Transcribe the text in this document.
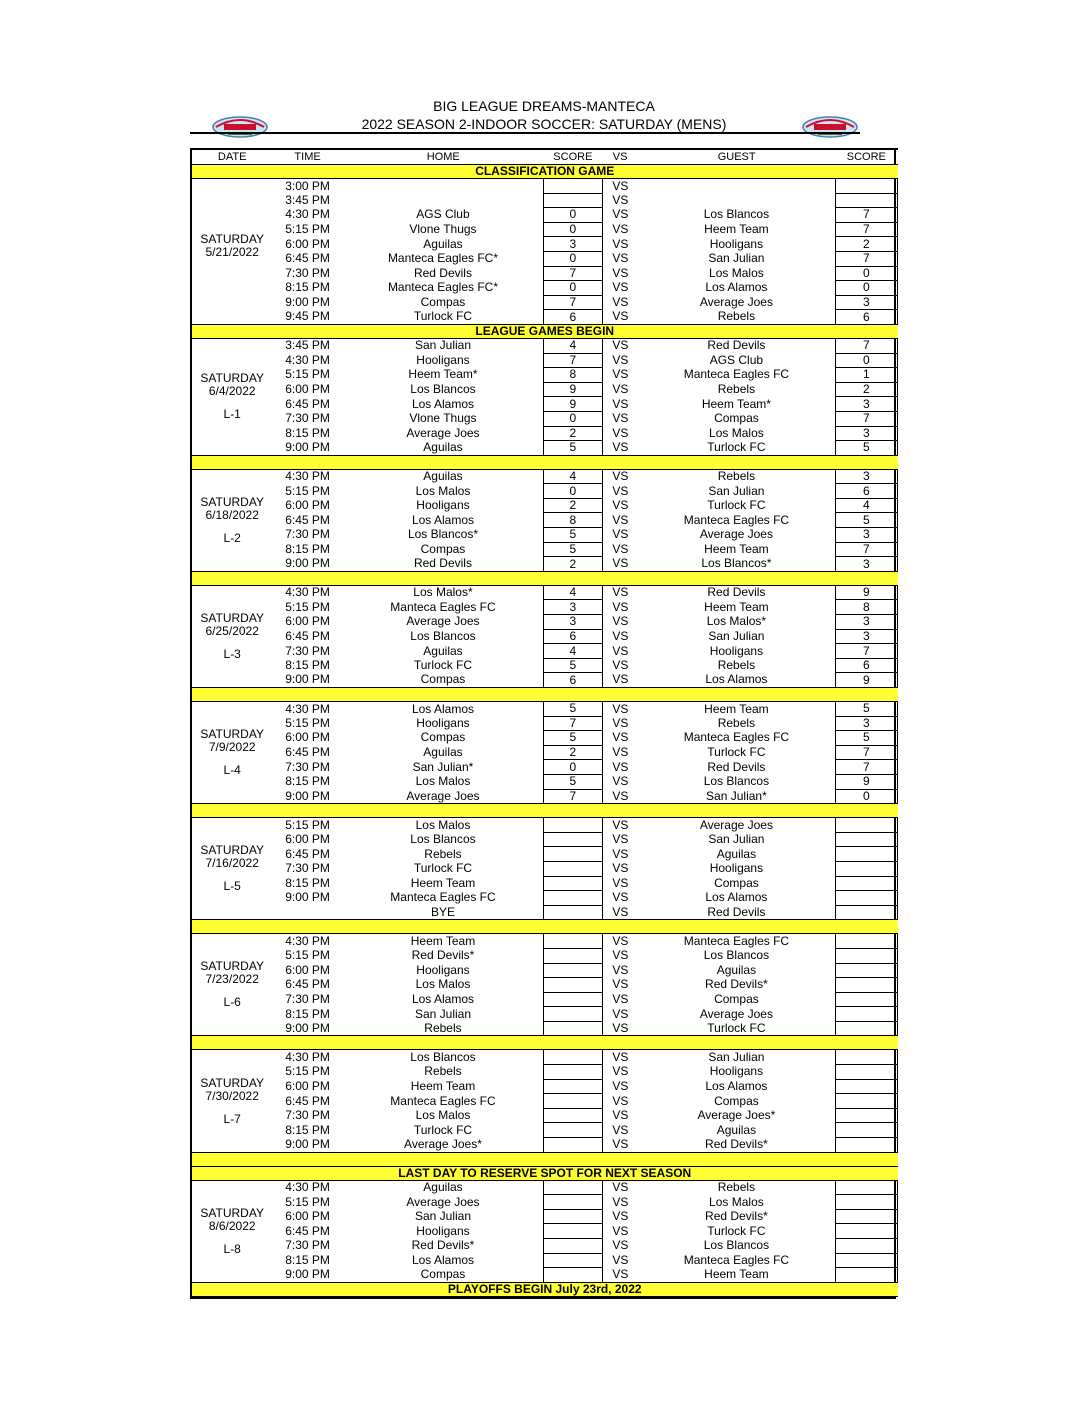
BIG LEAGUE DREAMS-MANTECA
2022 SEASON 2-INDOOR SOCCER: SATURDAY (MENS)
DATE	TIME	HOME	SCORE	VS	GUEST	SCORE
CLASSIFICATION GAME						

SATURDAY
5/21/2022	3:00 PM			VS		
	3:45 PM			VS		
	4:30 PM	AGS Club	0	VS	Los Blancos	7
	5:15 PM	Vlone Thugs	0	VS	Heem Team	7
	6:00 PM	Aguilas	3	VS	Hooligans	2
	6:45 PM	Manteca Eagles FC*	0	VS	San Julian	7
	7:30 PM	Red Devils	7	VS	Los Malos	0
	8:15 PM	Manteca Eagles FC*	0	VS	Los Alamos	0
	9:00 PM	Compas	7	VS	Average Joes	3
	9:45 PM	Turlock FC	6	VS	Rebels	6
LEAGUE GAMES BEGIN						

SATURDAY
6/4/2022
L-1	3:45 PM	San Julian	4	VS	Red Devils	7
	4:30 PM	Hooligans	7	VS	AGS Club	0
	5:15 PM	Heem Team*	8	VS	Manteca Eagles FC	1
	6:00 PM	Los Blancos	9	VS	Rebels	2
	6:45 PM	Los Alamos	9	VS	Heem Team*	3
	7:30 PM	Vlone Thugs	0	VS	Compas	7
	8:15 PM	Average Joes	2	VS	Los Malos	3
	9:00 PM	Aguilas	5	VS	Turlock FC	5

SATURDAY
6/18/2022
L-2	4:30 PM	Aguilas	4	VS	Rebels	3
	5:15 PM	Los Malos	0	VS	San Julian	6
	6:00 PM	Hooligans	2	VS	Turlock FC	4
	6:45 PM	Los Alamos	8	VS	Manteca Eagles FC	5
	7:30 PM	Los Blancos*	5	VS	Average Joes	3
	8:15 PM	Compas	5	VS	Heem Team	7
	9:00 PM	Red Devils	2	VS	Los Blancos*	3

SATURDAY
6/25/2022
L-3	4:30 PM	Los Malos*	4	VS	Red Devils	9
	5:15 PM	Manteca Eagles FC	3	VS	Heem Team	8
	6:00 PM	Average Joes	3	VS	Los Malos*	3
	6:45 PM	Los Blancos	6	VS	San Julian	3
	7:30 PM	Aguilas	4	VS	Hooligans	7
	8:15 PM	Turlock FC	5	VS	Rebels	6
	9:00 PM	Compas	6	VS	Los Alamos	9

SATURDAY
7/9/2022
L-4	4:30 PM	Los Alamos	5	VS	Heem Team	5
	5:15 PM	Hooligans	7	VS	Rebels	3
	6:00 PM	Compas	5	VS	Manteca Eagles FC	5
	6:45 PM	Aguilas	2	VS	Turlock FC	7
	7:30 PM	San Julian*	0	VS	Red Devils	7
	8:15 PM	Los Malos	5	VS	Los Blancos	9
	9:00 PM	Average Joes	7	VS	San Julian*	0

SATURDAY
7/16/2022
L-5	5:15 PM	Los Malos		VS	Average Joes	
	6:00 PM	Los Blancos		VS	San Julian	
	6:45 PM	Rebels		VS	Aguilas	
	7:30 PM	Turlock FC		VS	Hooligans	
	8:15 PM	Heem Team		VS	Compas	
	9:00 PM	Manteca Eagles FC		VS	Los Alamos	
		BYE		VS	Red Devils	

SATURDAY
7/23/2022
L-6	4:30 PM	Heem Team		VS	Manteca Eagles FC	
	5:15 PM	Red Devils*		VS	Los Blancos	
	6:00 PM	Hooligans		VS	Aguilas	
	6:45 PM	Los Malos		VS	Red Devils*	
	7:30 PM	Los Alamos		VS	Compas	
	8:15 PM	San Julian		VS	Average Joes	
	9:00 PM	Rebels		VS	Turlock FC	

SATURDAY
7/30/2022
L-7	4:30 PM	Los Blancos		VS	San Julian	
	5:15 PM	Rebels		VS	Hooligans	
	6:00 PM	Heem Team		VS	Los Alamos	
	6:45 PM	Manteca Eagles FC		VS	Compas	
	7:30 PM	Los Malos		VS	Average Joes*	
	8:15 PM	Turlock FC		VS	Aguilas	
	9:00 PM	Average Joes*		VS	Red Devils*	

LAST DAY TO RESERVE SPOT FOR NEXT SEASON						

SATURDAY
8/6/2022
L-8	4:30 PM	Aguilas		VS	Rebels	
	5:15 PM	Average Joes		VS	Los Malos	
	6:00 PM	San Julian		VS	Red Devils*	
	6:45 PM	Hooligans		VS	Turlock FC	
	7:30 PM	Red Devils*		VS	Los Blancos	
	8:15 PM	Los Alamos		VS	Manteca Eagles FC	
	9:00 PM	Compas		VS	Heem Team	
PLAYOFFS BEGIN July 23rd, 2022						
